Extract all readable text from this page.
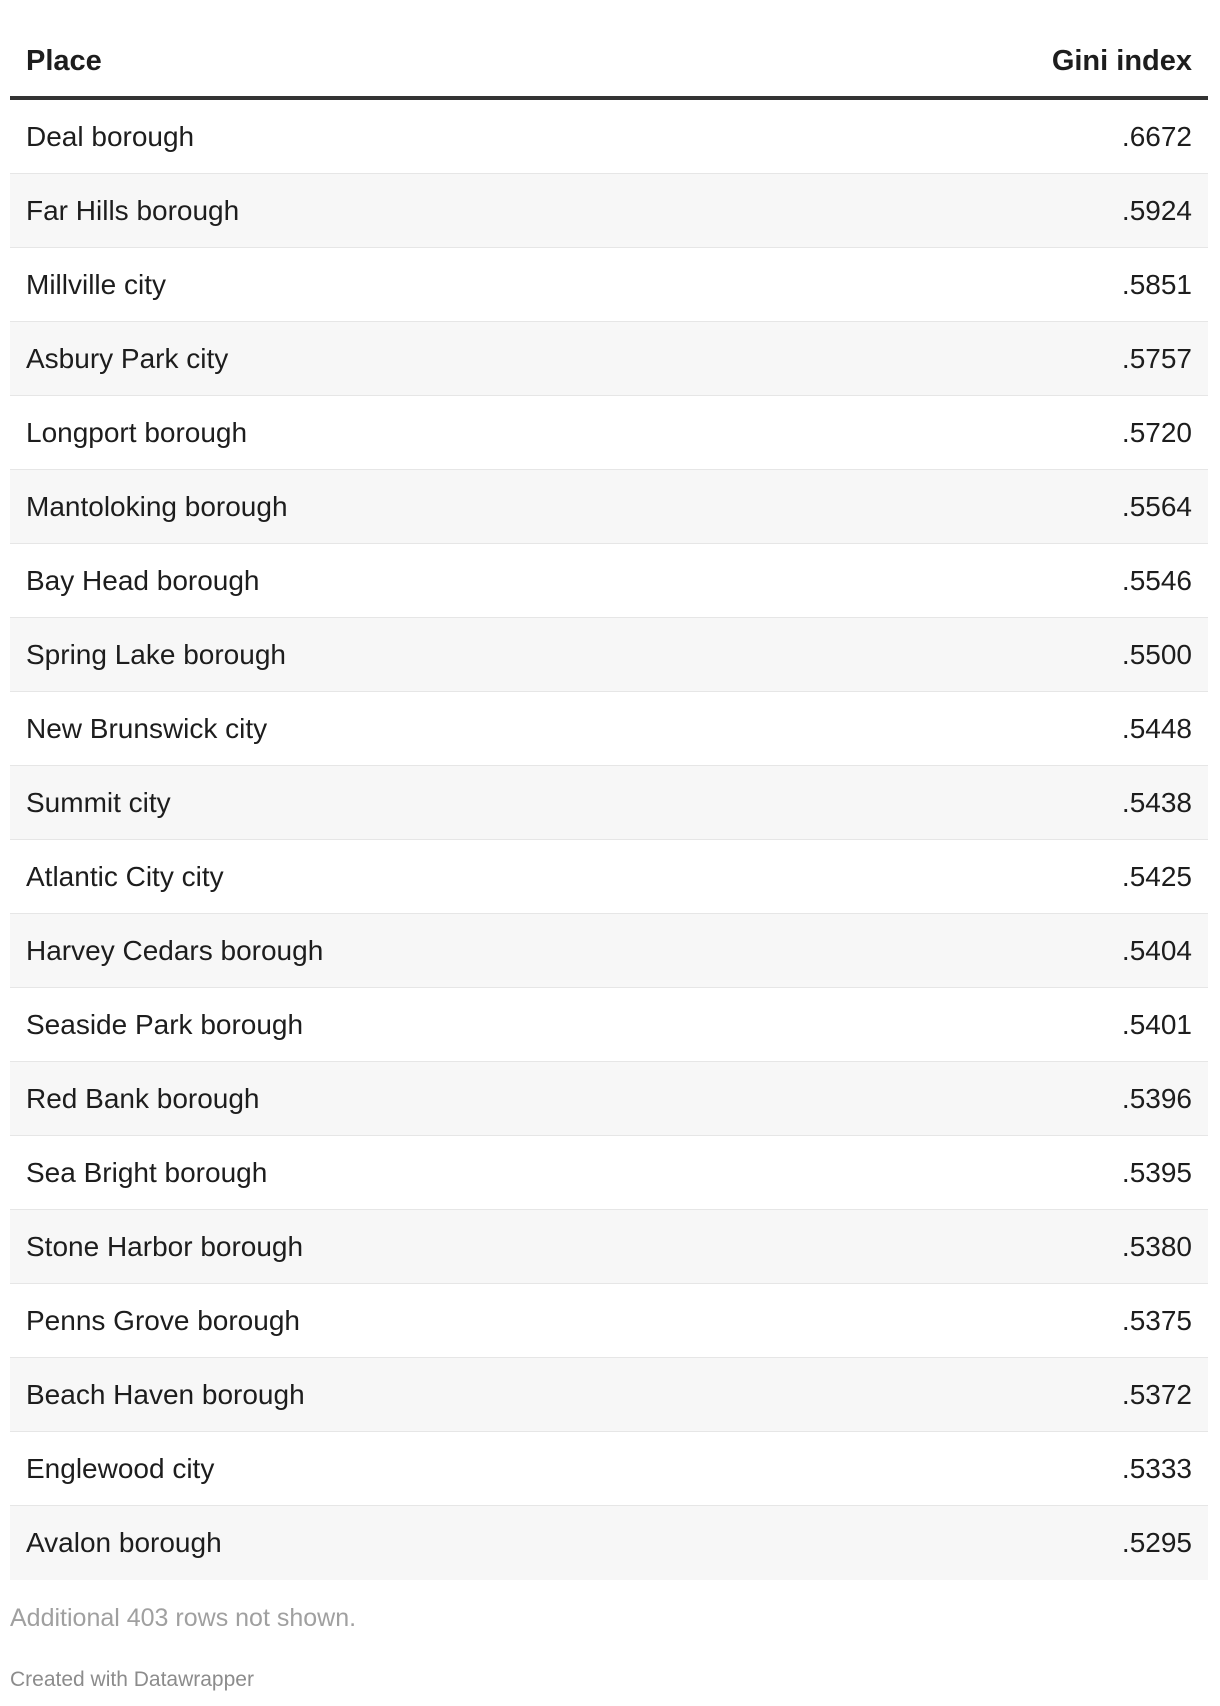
Place	Gini index
Deal borough	.6672
Far Hills borough	.5924
Millville city	.5851
Asbury Park city	.5757
Longport borough	.5720
Mantoloking borough	.5564
Bay Head borough	.5546
Spring Lake borough	.5500
New Brunswick city	.5448
Summit city	.5438
Atlantic City city	.5425
Harvey Cedars borough	.5404
Seaside Park borough	.5401
Red Bank borough	.5396
Sea Bright borough	.5395
Stone Harbor borough	.5380
Penns Grove borough	.5375
Beach Haven borough	.5372
Englewood city	.5333
Avalon borough	.5295
Additional 403 rows not shown.
Created with Datawrapper
